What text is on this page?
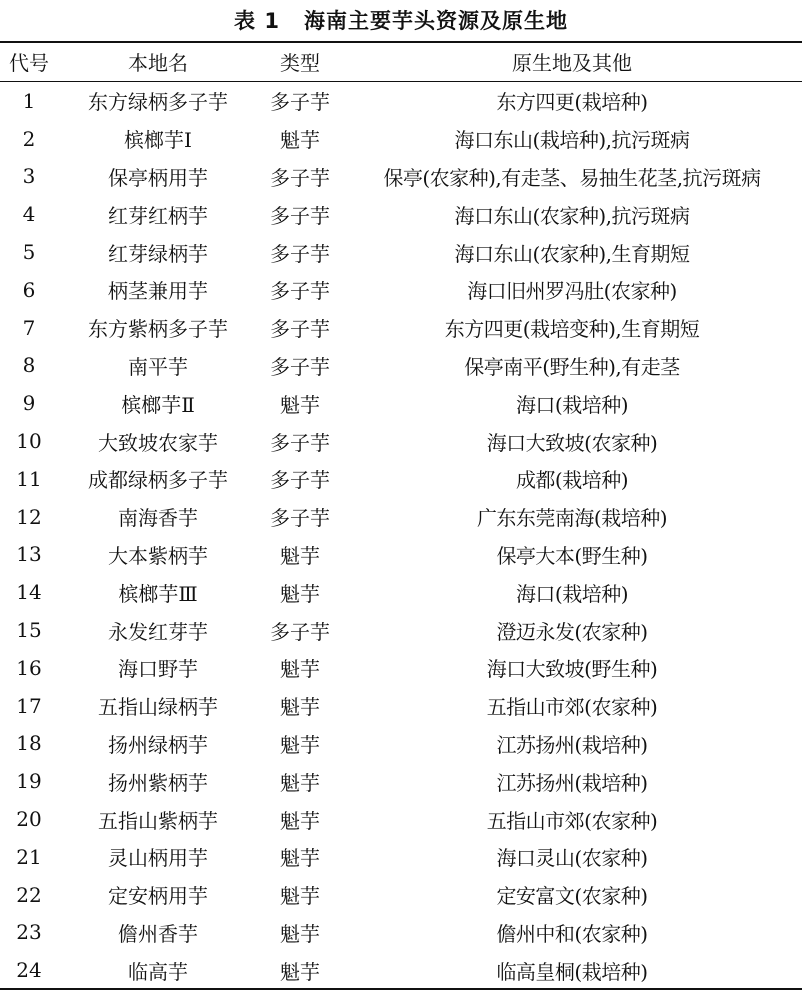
表 1 海南主要芋头资源及原生地
代号	本地名	类型	原生地及其他
1	东方绿柄多子芋	多子芋	东方四更(栽培种)
2	槟榔芋Ⅰ	魁芋	海口东山(栽培种),抗污斑病
3	保亭柄用芋	多子芋	保亭(农家种),有走茎、易抽生花茎,抗污斑病
4	红芽红柄芋	多子芋	海口东山(农家种),抗污斑病
5	红芽绿柄芋	多子芋	海口东山(农家种),生育期短
6	柄茎兼用芋	多子芋	海口旧州罗冯肚(农家种)
7	东方紫柄多子芋	多子芋	东方四更(栽培变种),生育期短
8	南平芋	多子芋	保亭南平(野生种),有走茎
9	槟榔芋Ⅱ	魁芋	海口(栽培种)
10	大致坡农家芋	多子芋	海口大致坡(农家种)
11	成都绿柄多子芋	多子芋	成都(栽培种)
12	南海香芋	多子芋	广东东莞南海(栽培种)
13	大本紫柄芋	魁芋	保亭大本(野生种)
14	槟榔芋Ⅲ	魁芋	海口(栽培种)
15	永发红芽芋	多子芋	澄迈永发(农家种)
16	海口野芋	魁芋	海口大致坡(野生种)
17	五指山绿柄芋	魁芋	五指山市郊(农家种)
18	扬州绿柄芋	魁芋	江苏扬州(栽培种)
19	扬州紫柄芋	魁芋	江苏扬州(栽培种)
20	五指山紫柄芋	魁芋	五指山市郊(农家种)
21	灵山柄用芋	魁芋	海口灵山(农家种)
22	定安柄用芋	魁芋	定安富文(农家种)
23	儋州香芋	魁芋	儋州中和(农家种)
24	临高芋	魁芋	临高皇桐(栽培种)
